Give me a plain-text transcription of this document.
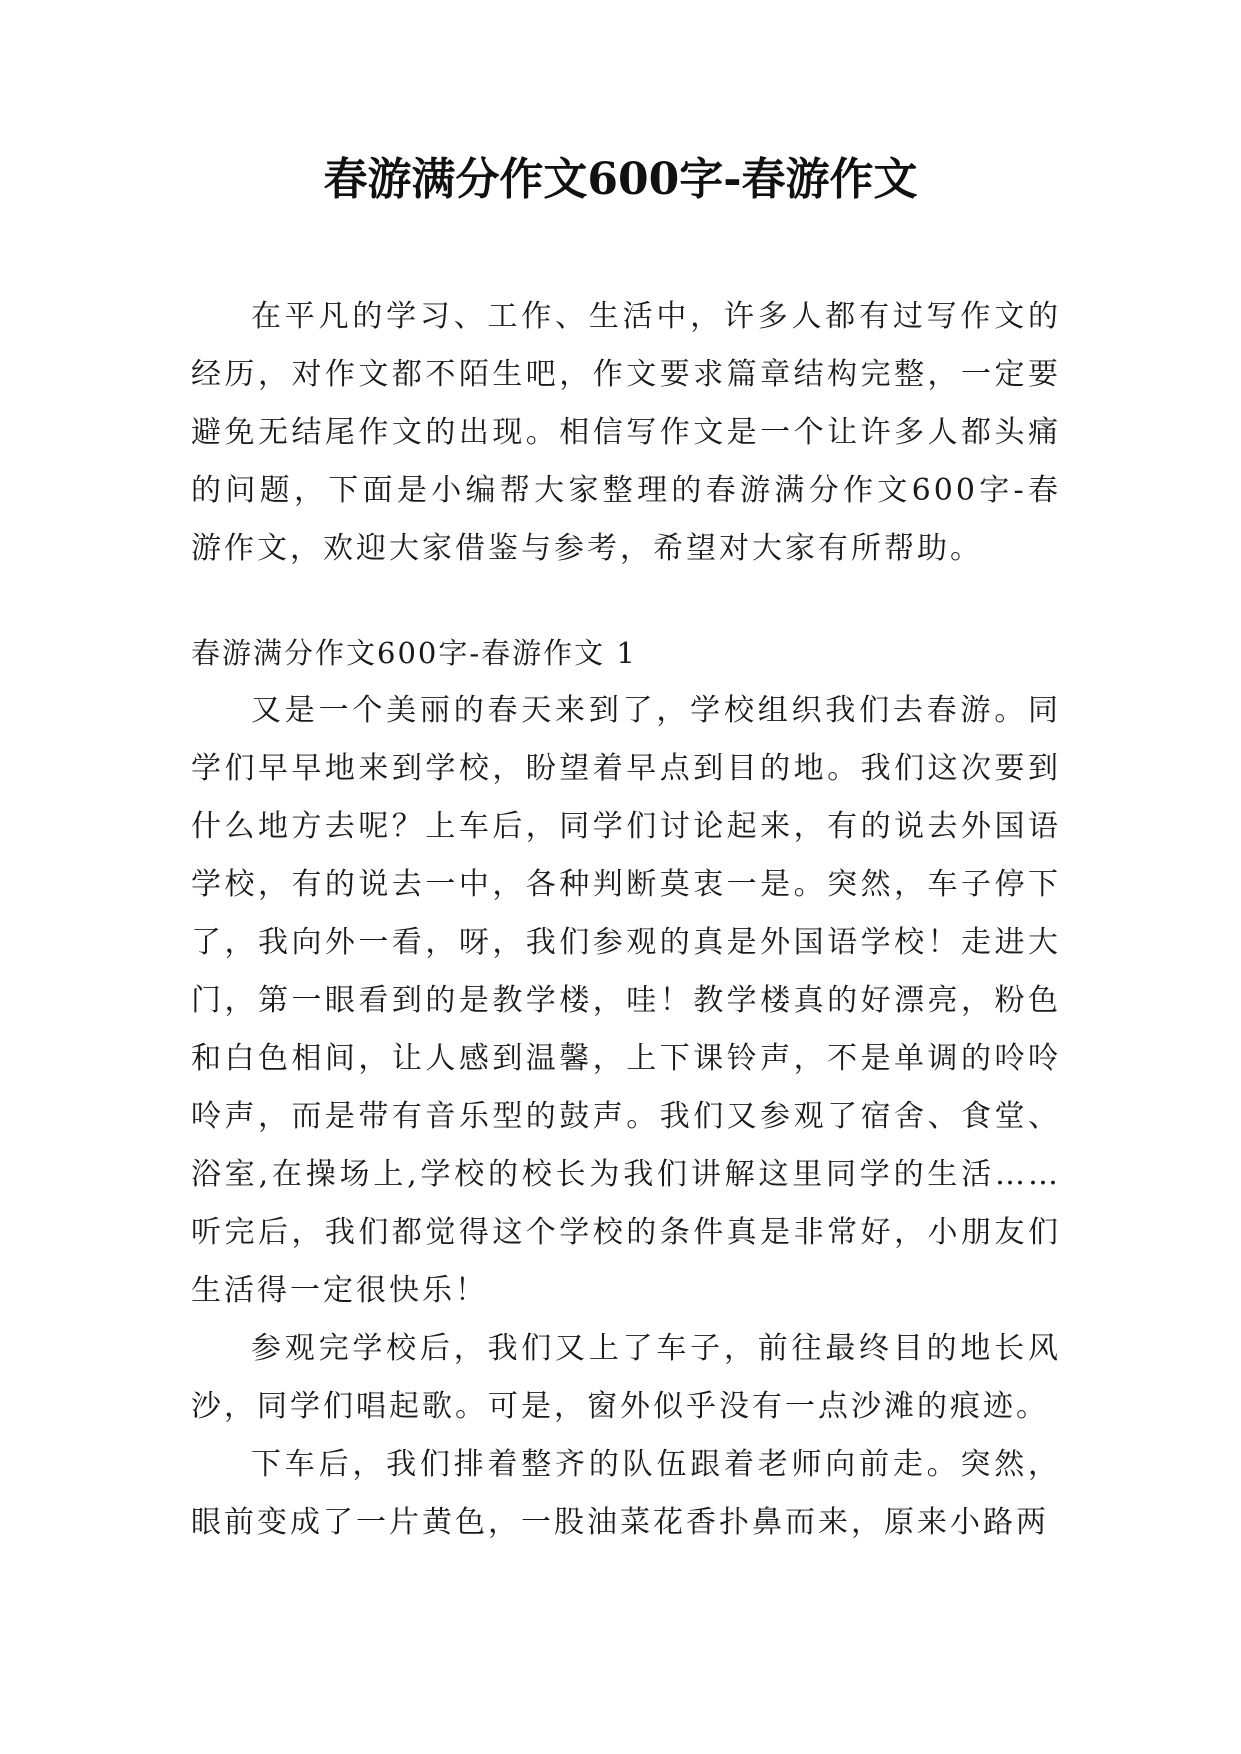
春游满分作文600字-春游作文

在平凡的学习、工作、生活中，许多人都有过写作文的经历，对作文都不陌生吧，作文要求篇章结构完整，一定要避免无结尾作文的出现。相信写作文是一个让许多人都头痛的问题，下面是小编帮大家整理的春游满分作文600字-春游作文，欢迎大家借鉴与参考，希望对大家有所帮助。

春游满分作文600字-春游作文 1

又是一个美丽的春天来到了，学校组织我们去春游。同学们早早地来到学校，盼望着早点到目的地。我们这次要到什么地方去呢？上车后，同学们讨论起来，有的说去外国语学校，有的说去一中，各种判断莫衷一是。突然，车子停下了，我向外一看，呀，我们参观的真是外国语学校！走进大门，第一眼看到的是教学楼，哇！教学楼真的好漂亮，粉色和白色相间，让人感到温馨，上下课铃声，不是单调的呤呤呤声，而是带有音乐型的鼓声。我们又参观了宿舍、食堂、浴室,在操场上,学校的校长为我们讲解这里同学的生活……听完后，我们都觉得这个学校的条件真是非常好，小朋友们生活得一定很快乐！

参观完学校后，我们又上了车子，前往最终目的地长风沙，同学们唱起歌。可是，窗外似乎没有一点沙滩的痕迹。

下车后，我们排着整齐的队伍跟着老师向前走。突然，眼前变成了一片黄色，一股油菜花香扑鼻而来，原来小路两
